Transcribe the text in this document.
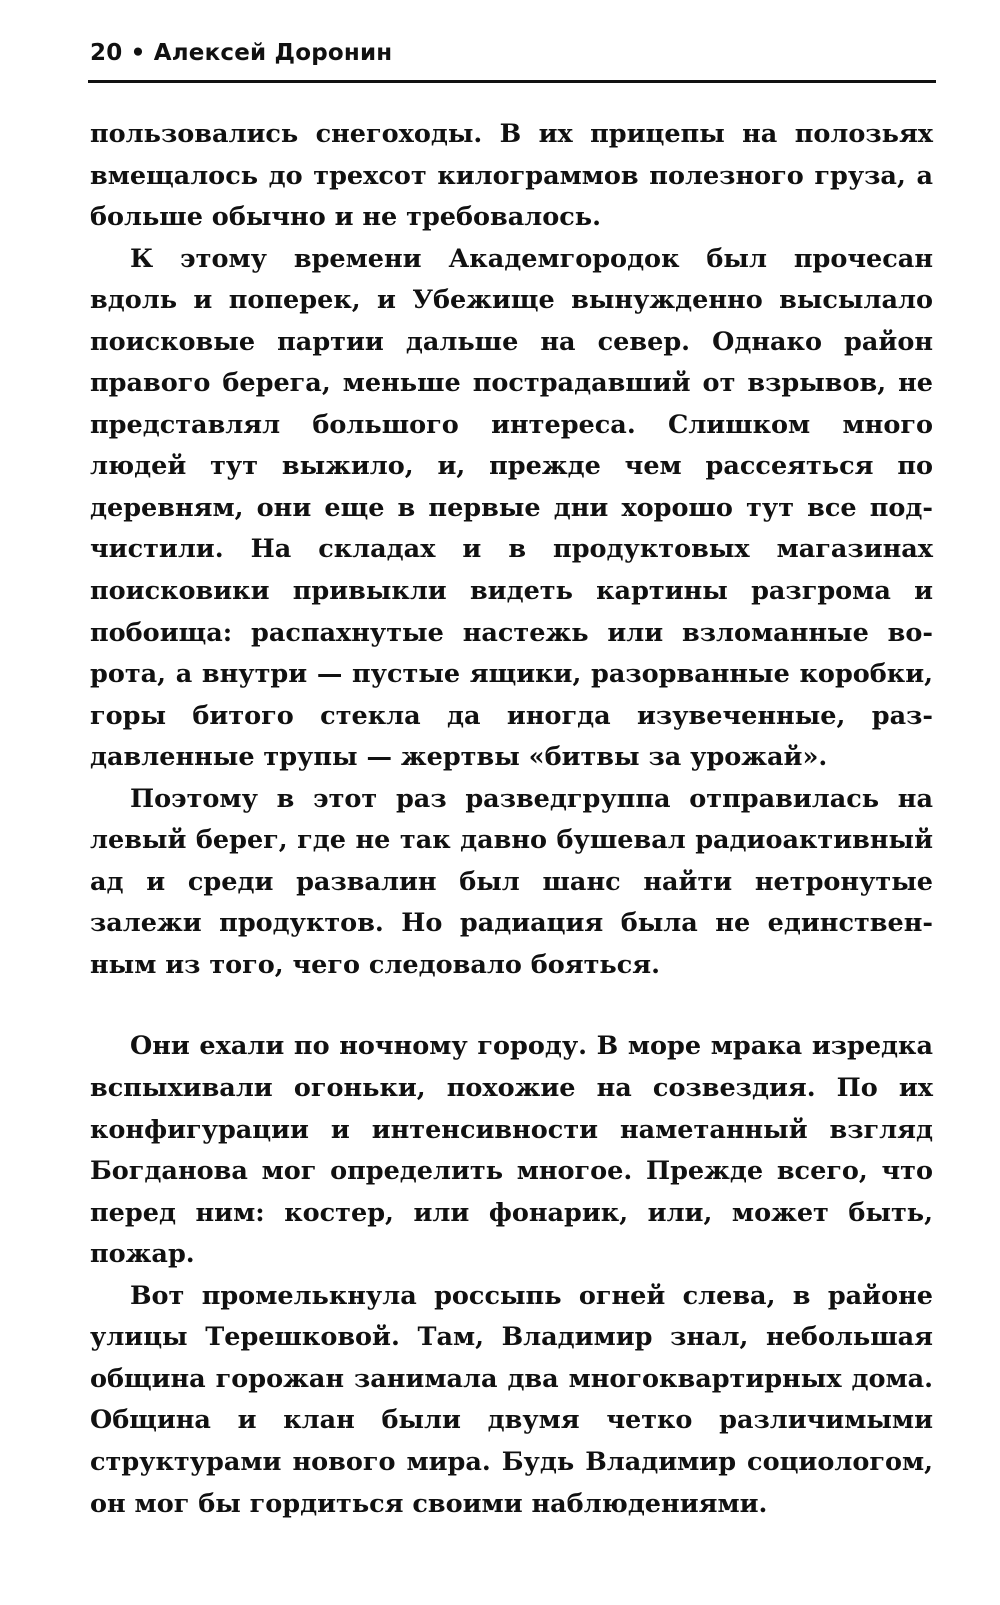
20 • Алексей Доронин

пользовались снегоходы. В их прицепы на полозьях вмещалось до трехсот килограммов полезного груза, а больше обычно и не требовалось.

К этому времени Академгородок был прочесан вдоль и поперек, и Убежище вынужденно высылало поисковые партии дальше на север. Однако район правого берега, меньше пострадавший от взрывов, не представлял большого интереса. Слишком много людей тут выжило, и, прежде чем рассеяться по деревням, они еще в первые дни хорошо тут все подчистили. На складах и в продуктовых магазинах поисковики привыкли видеть картины разгрома и побоища: распахнутые настежь или взломанные ворота, а внутри — пустые ящики, разорванные коробки, горы битого стекла да иногда изувеченные, раздавленные трупы — жертвы «битвы за урожай».

Поэтому в этот раз разведгруппа отправилась на левый берег, где не так давно бушевал радиоактивный ад и среди развалин был шанс найти нетронутые залежи продуктов. Но радиация была не единственным из того, чего следовало бояться.

Они ехали по ночному городу. В море мрака изредка вспыхивали огоньки, похожие на созвездия. По их конфигурации и интенсивности наметанный взгляд Богданова мог определить многое. Прежде всего, что перед ним: костер, или фонарик, или, может быть, пожар.

Вот промелькнула россыпь огней слева, в районе улицы Терешковой. Там, Владимир знал, небольшая община горожан занимала два многоквартирных дома. Община и клан были двумя четко различимыми структурами нового мира. Будь Владимир социологом, он мог бы гордиться своими наблюдениями.
